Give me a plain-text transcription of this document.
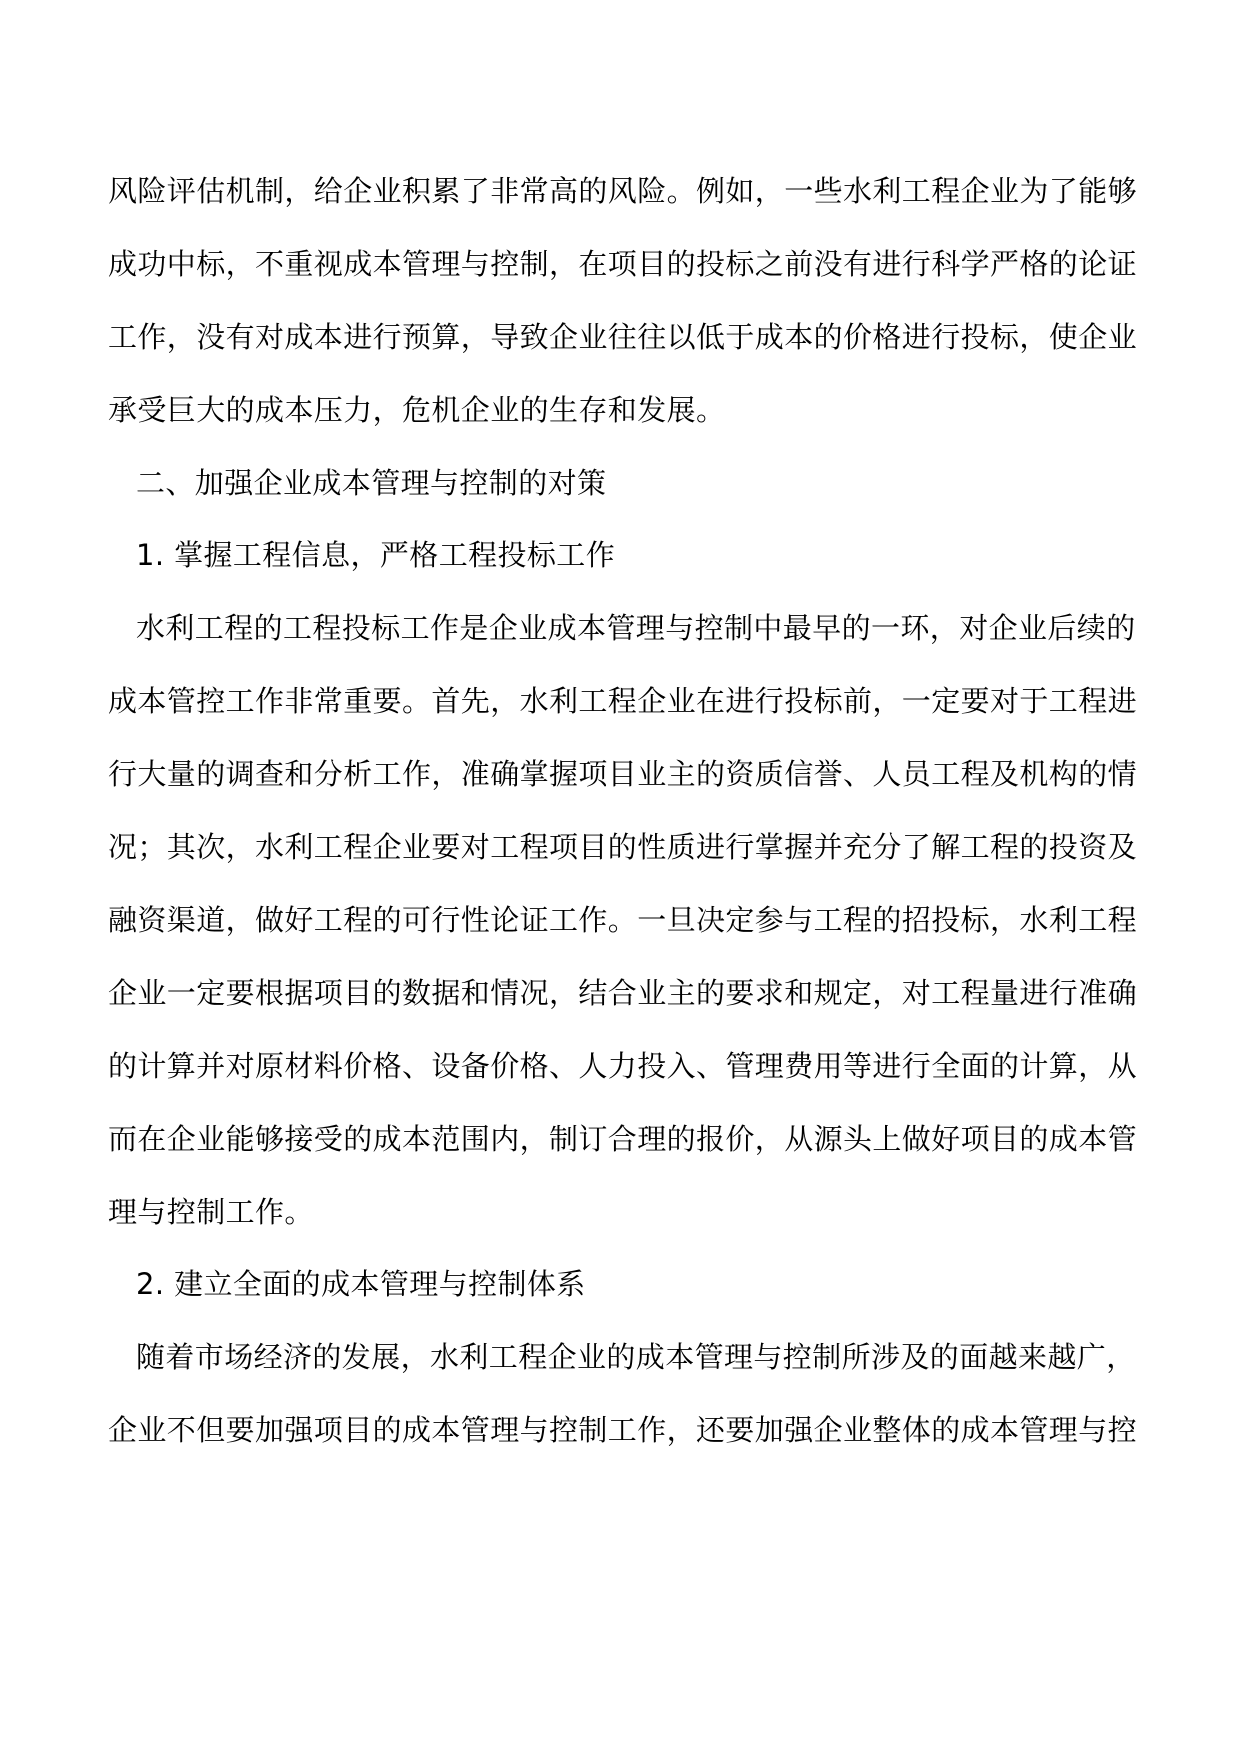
风险评估机制，给企业积累了非常高的风险。例如，一些水利工程企业为了能够
成功中标，不重视成本管理与控制，在项目的投标之前没有进行科学严格的论证
工作，没有对成本进行预算，导致企业往往以低于成本的价格进行投标，使企业
承受巨大的成本压力，危机企业的生存和发展。
二、加强企业成本管理与控制的对策
1. 掌握工程信息，严格工程投标工作
水利工程的工程投标工作是企业成本管理与控制中最早的一环，对企业后续的
成本管控工作非常重要。首先，水利工程企业在进行投标前，一定要对于工程进
行大量的调查和分析工作，准确掌握项目业主的资质信誉、人员工程及机构的情
况；其次，水利工程企业要对工程项目的性质进行掌握并充分了解工程的投资及
融资渠道，做好工程的可行性论证工作。一旦决定参与工程的招投标，水利工程
企业一定要根据项目的数据和情况，结合业主的要求和规定，对工程量进行准确
的计算并对原材料价格、设备价格、人力投入、管理费用等进行全面的计算，从
而在企业能够接受的成本范围内，制订合理的报价，从源头上做好项目的成本管
理与控制工作。
2. 建立全面的成本管理与控制体系
随着市场经济的发展，水利工程企业的成本管理与控制所涉及的面越来越广，
企业不但要加强项目的成本管理与控制工作，还要加强企业整体的成本管理与控
